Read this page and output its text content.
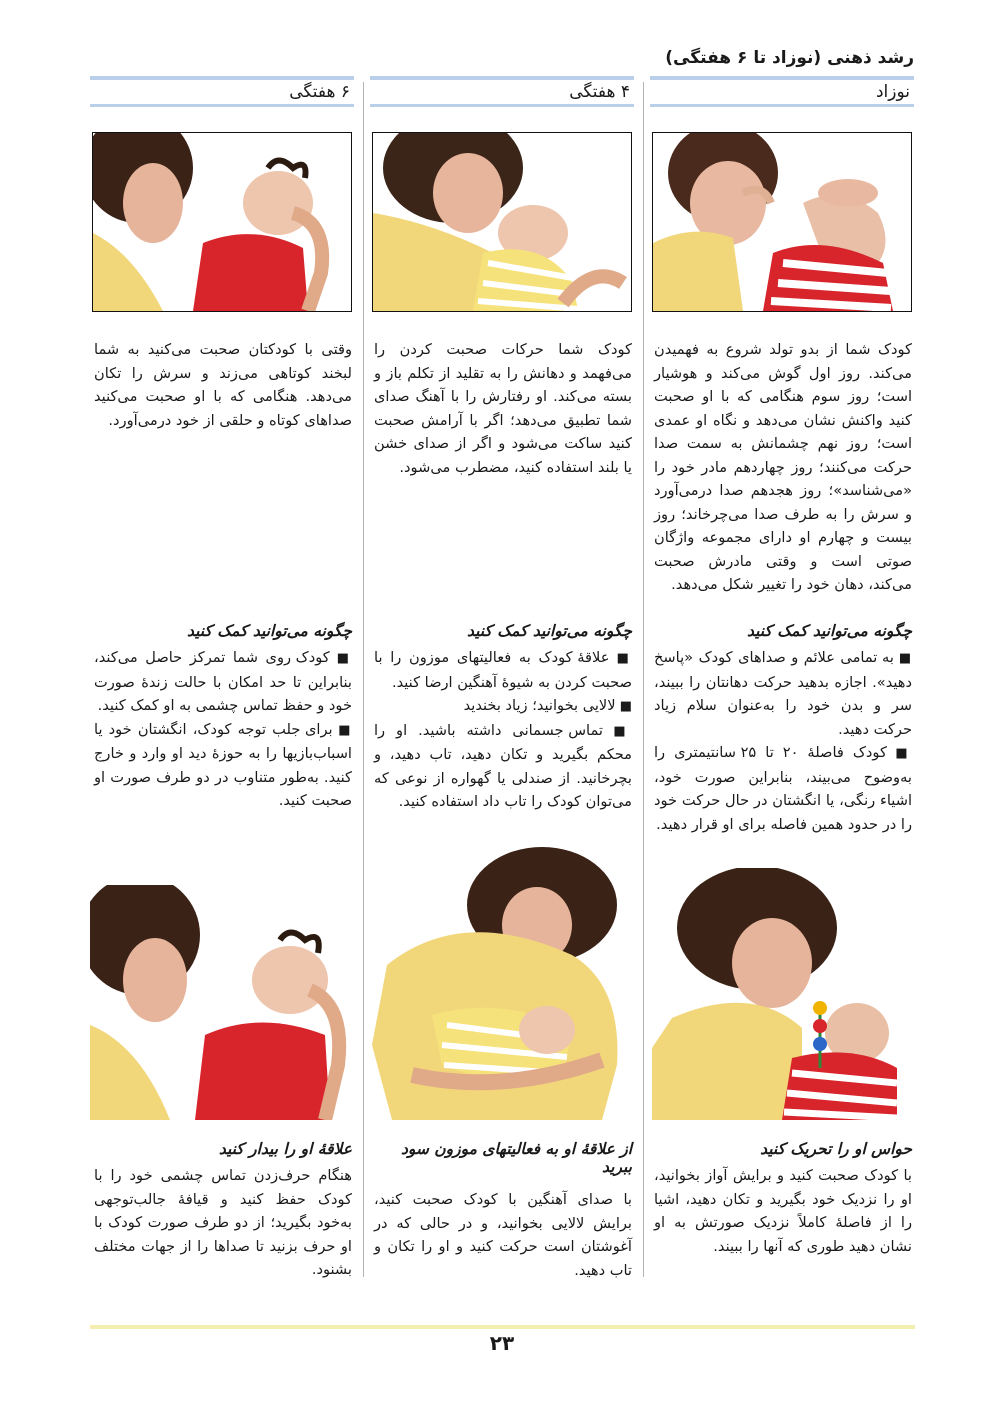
رشد ذهنی (نوزاد تا ۶ هفتگی)
نوزاد
کودک شما از بدو تولد شروع به فهمیدن می‌کند. روز اول گوش می‌کند و هوشیار است؛ روز سوم هنگامی که با او صحبت کنید واکنش نشان می‌دهد و نگاه او عمدی است؛ روز نهم چشمانش به سمت صدا حرکت می‌کنند؛ روز چهاردهم مادر خود را «می‌شناسد»؛ روز هجدهم صدا درمی‌آورد و سرش را به طرف صدا می‌چرخاند؛ روز بیست و چهارم او دارای مجموعه واژگان صوتی است و وقتی مادرش صحبت می‌کند، دهان خود را تغییر شکل می‌دهد.
چگونه می‌توانید کمک کنید

■ به تمامی علائم و صداهای کودک «پاسخ دهید». اجازه بدهید حرکت دهانتان را ببیند، سر و بدن خود را به‌عنوان سلام زیاد حرکت دهید.

■ کودک فاصلهٔ ۲۰ تا ۲۵ سانتیمتری را به‌وضوح می‌بیند، بنابراین صورت خود، اشیاء رنگی، یا انگشتان در حال حرکت خود را در حدود همین فاصله برای او قرار دهید.

حواس او را تحریک کنید
با کودک صحبت کنید و برایش آواز بخوانید، او را نزدیک خود بگیرید و تکان دهید، اشیا را از فاصلهٔ کاملاً نزدیک صورتش به او نشان دهید طوری که آنها را ببیند.
۴ هفتگی
کودک شما حرکات صحبت کردن را می‌فهمد و دهانش را به تقلید از تکلم باز و بسته می‌کند. او رفتارش را با آهنگ صدای شما تطبیق می‌دهد؛ اگر با آرامش صحبت کنید ساکت می‌شود و اگر از صدای خشن یا بلند استفاده کنید، مضطرب می‌شود.
چگونه می‌توانید کمک کنید

■ علاقهٔ کودک به فعالیتهای موزون را با صحبت کردن به شیوهٔ آهنگین ارضا کنید.

■ لالایی بخوانید؛ زیاد بخندید

■ تماس جسمانی داشته باشید. او را محکم بگیرید و تکان دهید، تاب دهید، و بچرخانید. از صندلی یا گهواره از نوعی که می‌توان کودک را تاب داد استفاده کنید.

از علاقهٔ او به فعالیتهای موزون سود ببرید
با صدای آهنگین با کودک صحبت کنید، برایش لالایی بخوانید، و در حالی که در آغوشتان است حرکت کنید و او را تکان و تاب دهید.
۶ هفتگی
وقتی با کودکتان صحبت می‌کنید به شما لبخند کوتاهی می‌زند و سرش را تکان می‌دهد. هنگامی که با او صحبت می‌کنید صداهای کوتاه و حلقی از خود درمی‌آورد.
چگونه می‌توانید کمک کنید

■ کودک روی شما تمرکز حاصل می‌کند، بنابراین تا حد امکان با حالت زندهٔ صورت خود و حفظ تماس چشمی به او کمک کنید.

■ برای جلب توجه کودک، انگشتان خود یا اسباب‌بازیها را به حوزهٔ دید او وارد و خارج کنید. به‌طور متناوب در دو طرف صورت او صحبت کنید.

علاقهٔ او را بیدار کنید
هنگام حرف‌زدن تماس چشمی خود را با کودک حفظ کنید و قیافهٔ جالب‌توجهی به‌خود بگیرید؛ از دو طرف صورت کودک با او حرف بزنید تا صداها را از جهات مختلف بشنود.
۲۳
